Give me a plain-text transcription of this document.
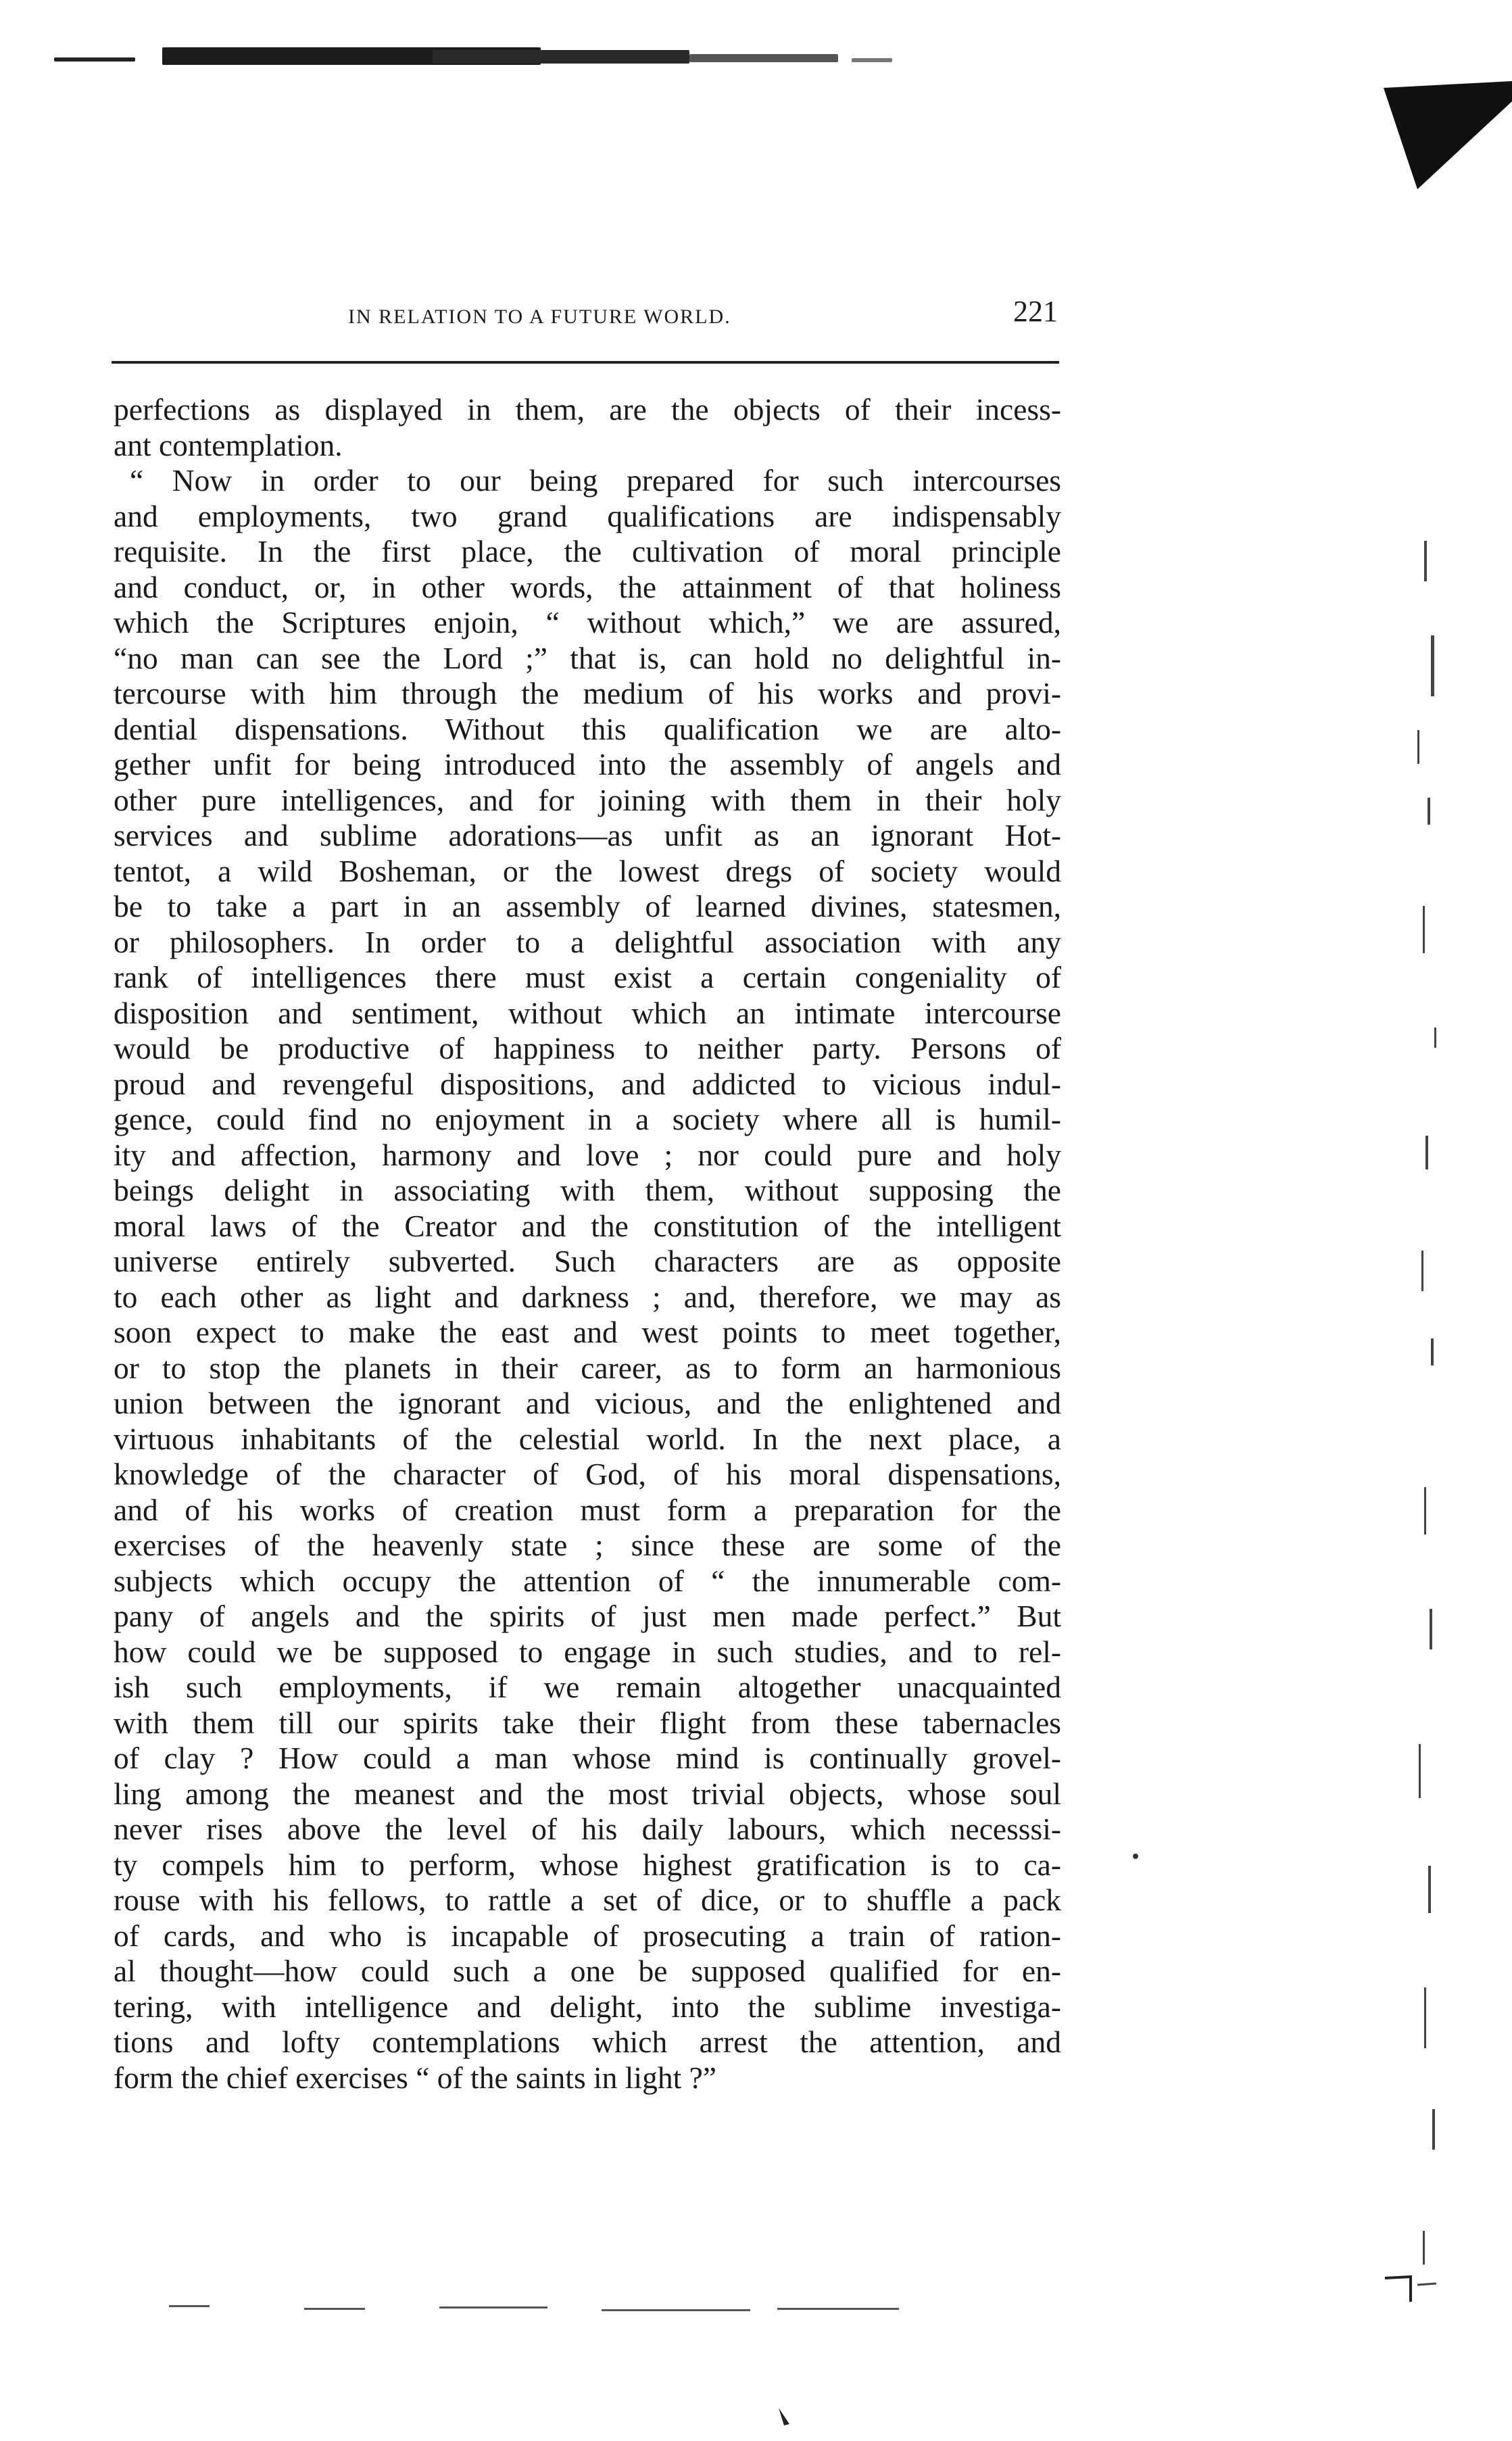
IN RELATION TO A FUTURE WORLD.	221
perfections as displayed in them, are the objects of their incess-
ant contemplation.
“ Now in order to our being prepared for such intercourses
and employments, two grand qualifications are indispensably
requisite. In the first place, the cultivation of moral principle
and conduct, or, in other words, the attainment of that holiness
which the Scriptures enjoin, “ without which,” we are assured,
“no man can see the Lord ;” that is, can hold no delightful in-
tercourse with him through the medium of his works and provi-
dential dispensations. Without this qualification we are alto-
gether unfit for being introduced into the assembly of angels and
other pure intelligences, and for joining with them in their holy
services and sublime adorations—as unfit as an ignorant Hot-
tentot, a wild Bosheman, or the lowest dregs of society would
be to take a part in an assembly of learned divines, statesmen,
or philosophers. In order to a delightful association with any
rank of intelligences there must exist a certain congeniality of
disposition and sentiment, without which an intimate intercourse
would be productive of happiness to neither party. Persons of
proud and revengeful dispositions, and addicted to vicious indul-
gence, could find no enjoyment in a society where all is humil-
ity and affection, harmony and love ; nor could pure and holy
beings delight in associating with them, without supposing the
moral laws of the Creator and the constitution of the intelligent
universe entirely subverted. Such characters are as opposite
to each other as light and darkness ; and, therefore, we may as
soon expect to make the east and west points to meet together,
or to stop the planets in their career, as to form an harmonious
union between the ignorant and vicious, and the enlightened and
virtuous inhabitants of the celestial world. In the next place, a
knowledge of the character of God, of his moral dispensations,
and of his works of creation must form a preparation for the
exercises of the heavenly state ; since these are some of the
subjects which occupy the attention of “ the innumerable com-
pany of angels and the spirits of just men made perfect.” But
how could we be supposed to engage in such studies, and to rel-
ish such employments, if we remain altogether unacquainted
with them till our spirits take their flight from these tabernacles
of clay ? How could a man whose mind is continually grovel-
ling among the meanest and the most trivial objects, whose soul
never rises above the level of his daily labours, which necesssi-
ty compels him to perform, whose highest gratification is to ca-
rouse with his fellows, to rattle a set of dice, or to shuffle a pack
of cards, and who is incapable of prosecuting a train of ration-
al thought—how could such a one be supposed qualified for en-
tering, with intelligence and delight, into the sublime investiga-
tions and lofty contemplations which arrest the attention, and
form the chief exercises “ of the saints in light ?”
